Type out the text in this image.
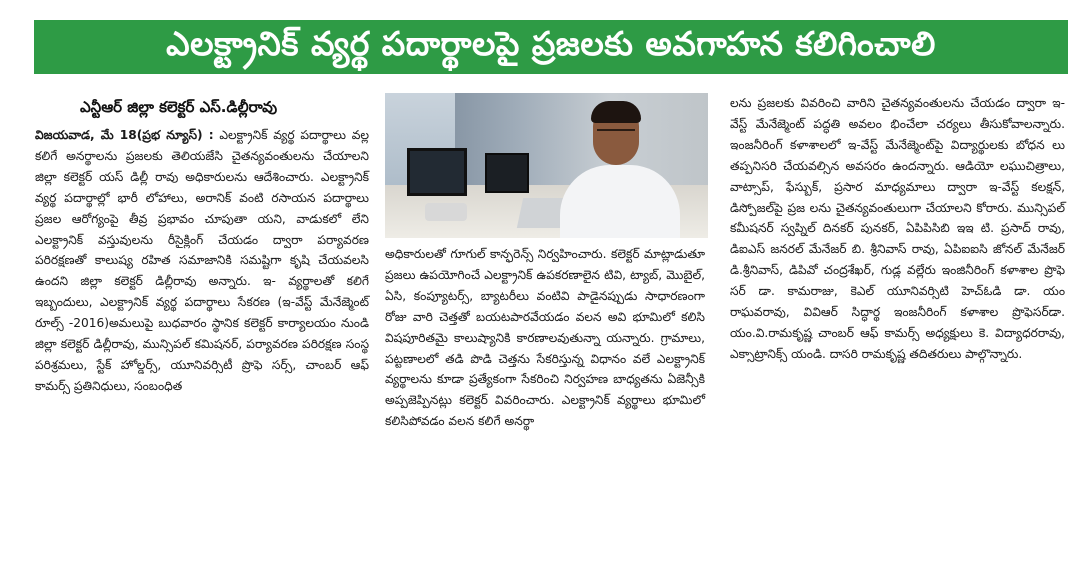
ఎలక్ట్రానిక్ వ్యర్థ పదార్థాలపై ప్రజలకు అవగాహన కలిగించాలి
ఎన్టీఆర్ జిల్లా కలెక్టర్ ఎస్.డిల్లీరావు

విజయవాడ, మే 18(ప్రభ న్యూస్) : ఎలక్ట్రానిక్ వ్యర్థ పదార్థాలు వల్ల కలిగే అనర్థాలను ప్రజలకు తెలియజేసి చైతన్యవంతులను చేయాలని జిల్లా కలెక్టర్ యస్ డిల్లీ రావు అధికారులను ఆదేశించారు. ఎలక్ట్రానిక్ వ్యర్థ పదార్థాల్లో భారీ లోహాలు, అరానిక్ వంటి రసాయన పదార్థాలు ప్రజల ఆరోగ్యంపై తీవ్ర ప్రభావం చూపుతా యని, వాడుకలో లేని ఎలక్ట్రానిక్ వస్తువులను రీసైక్లింగ్ చేయడం ద్వారా పర్యావరణ పరిరక్షణతో కాలుష్య రహిత సమాజానికి సమష్టిగా కృషి చేయవలసి ఉందని జిల్లా కలెక్టర్ డిల్లీరావు అన్నారు. ఇ- వ్యర్థాలతో కలిగే ఇబ్బందులు, ఎలక్ట్రానిక్ వ్యర్థ పదార్థాలు సేకరణ (ఇ-వేస్ట్ మేనేజ్మెంట్ రూల్స్ -2016)అమలుపై బుధవారం స్థానిక కలెక్టర్ కార్యాలయం నుండి జిల్లా కలెక్టర్ డిల్లీరావు, మున్సిపల్ కమిషనర్, పర్యావరణ పరిరక్షణ సంస్థ పరిశ్రమలు, స్టేక్ హోల్డర్స్, యూనివర్సిటీ ప్రొఫె సర్స్, చాంబర్ ఆఫ్ కామర్స్ ప్రతినిధులు, సంబంధిత

అధికారులతో గూగుల్ కాన్ఫరెన్స్ నిర్వహించారు. కలెక్టర్ మాట్లాడుతూ ప్రజలు ఉపయోగించే ఎలక్ట్రానిక్ ఉపకరణాలైన టివి, ట్యాబ్, మొబైల్, ఏసి, కంప్యూటర్స్, బ్యాటరీలు వంటివి పాడైనప్పుడు సాధారణంగా రోజు వారి చెత్తతో బయటపారవేయడం వలన అవి భూమిలో కలిసి విషపూరితమై కాలుష్యానికి కారణాలవుతున్నా యన్నారు. గ్రామాలు, పట్టణాలలో తడి పొడి చెత్తను సేకరిస్తున్న విధానం వలే ఎలక్ట్రానిక్ వ్యర్థాలను కూడా ప్రత్యేకంగా సేకరించి నిర్వహణ బాధ్యతను ఏజెన్సీకి అప్పజెప్పినట్లు కలెక్టర్ వివరించారు. ఎలక్ట్రానిక్ వ్యర్థాలు భూమిలో కలిసిపోవడం వలన కలిగే అనర్థా

లను ప్రజలకు వివరించి వారిని చైతన్యవంతులను చేయడం ద్వారా ఇ- వేస్ట్ మేనేజ్మెంట్ పద్ధతి అవలం భించేలా చర్యలు తీసుకోవాలన్నారు. ఇంజనీరింగ్ కళాశాలలో ఇ-వేస్ట్ మేనేజ్మెంట్‌పై విద్యార్థులకు బోధన లు తప్పనిసరి చేయవల్సిన అవసరం ఉందన్నారు. ఆడియో లఘుచిత్రాలు, వాట్సాప్, ఫేస్బుక్, ప్రసార మాధ్యమాలు ద్వారా ఇ-వేస్ట్ కలక్షన్, డిస్పోజల్‌పై ప్రజ లను చైతన్యవంతులుగా చేయాలని కోరారు. మున్సిపల్ కమీషనర్ స్వప్నిల్ దినకర్ పునకర్, ఏపిపిసిబి ఇఇ టి. ప్రసాద్ రావు, డిఐఎస్ జనరల్ మేనేజర్ బి. శ్రీనివాస్ రావు, ఏపిఐఐసి జోనల్ మేనేజర్ డి.శ్రీనివాస్, డిపివో చంద్రశేఖర్, గుడ్ల వల్లేరు ఇంజినీరింగ్ కళాశాల ప్రొఫె సర్ డా. కామరాజు, కెఎల్ యూనివర్సిటి హెచ్ఓడి డా. యం రాఘవరావు, వివిఆర్ సిద్ధార్థ ఇంజనీరింగ్ కళాశాల ప్రొఫెసర్‌డా. యం.వి.రామకృష్ణ చాంబర్ ఆఫ్ కామర్స్ అధ్యక్షులు కె. విద్యాధరరావు, ఎక్సాట్రానిక్స్ యండి. దాసరి రామకృష్ణ తదితరులు పాల్గొన్నారు.
